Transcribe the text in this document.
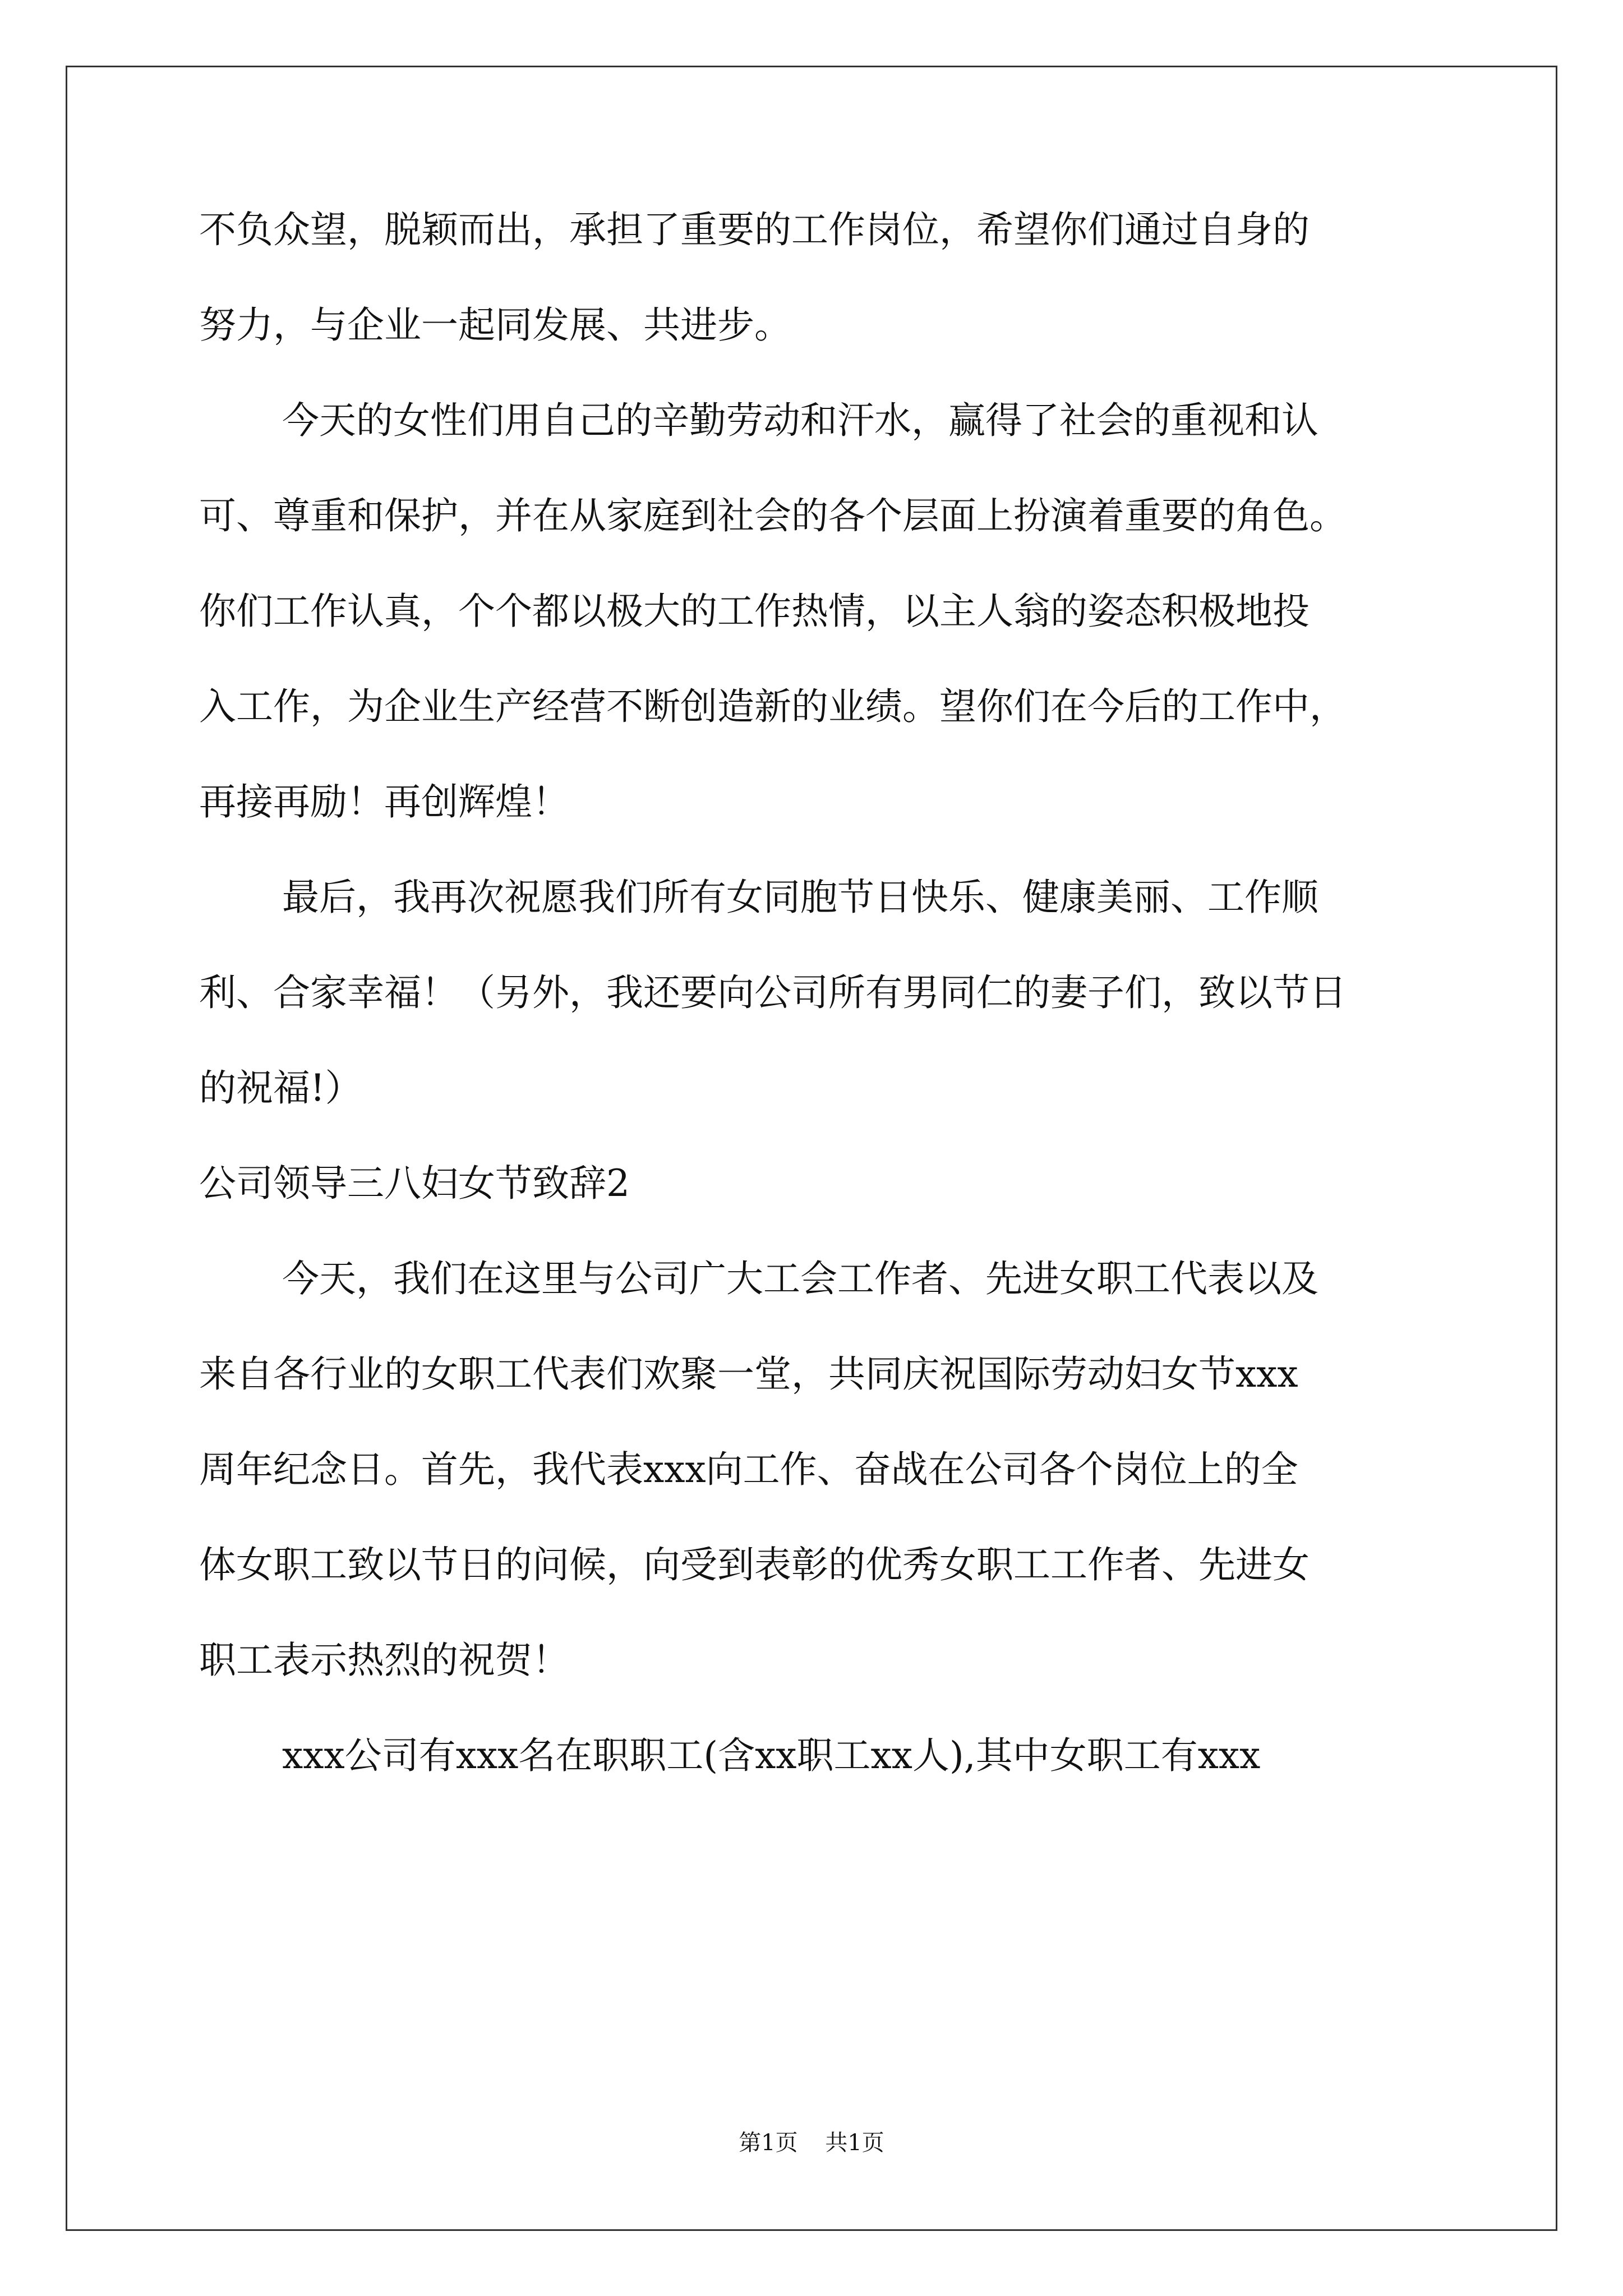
不负众望，脱颖而出，承担了重要的工作岗位，希望你们通过自身的
努力，与企业一起同发展、共进步。
今天的女性们用自己的辛勤劳动和汗水，赢得了社会的重视和认
可、尊重和保护，并在从家庭到社会的各个层面上扮演着重要的角色。
你们工作认真，个个都以极大的工作热情，以主人翁的姿态积极地投
入工作，为企业生产经营不断创造新的业绩。望你们在今后的工作中，
再接再励！再创辉煌！
最后，我再次祝愿我们所有女同胞节日快乐、健康美丽、工作顺
利、合家幸福！（另外，我还要向公司所有男同仁的妻子们，致以节日
的祝福!）
公司领导三八妇女节致辞2
今天，我们在这里与公司广大工会工作者、先进女职工代表以及
来自各行业的女职工代表们欢聚一堂，共同庆祝国际劳动妇女节xxx
周年纪念日。首先，我代表xxx向工作、奋战在公司各个岗位上的全
体女职工致以节日的问候，向受到表彰的优秀女职工工作者、先进女
职工表示热烈的祝贺！
xxx公司有xxx名在职职工(含xx职工xx人),其中女职工有xxx
第1页 共1页
